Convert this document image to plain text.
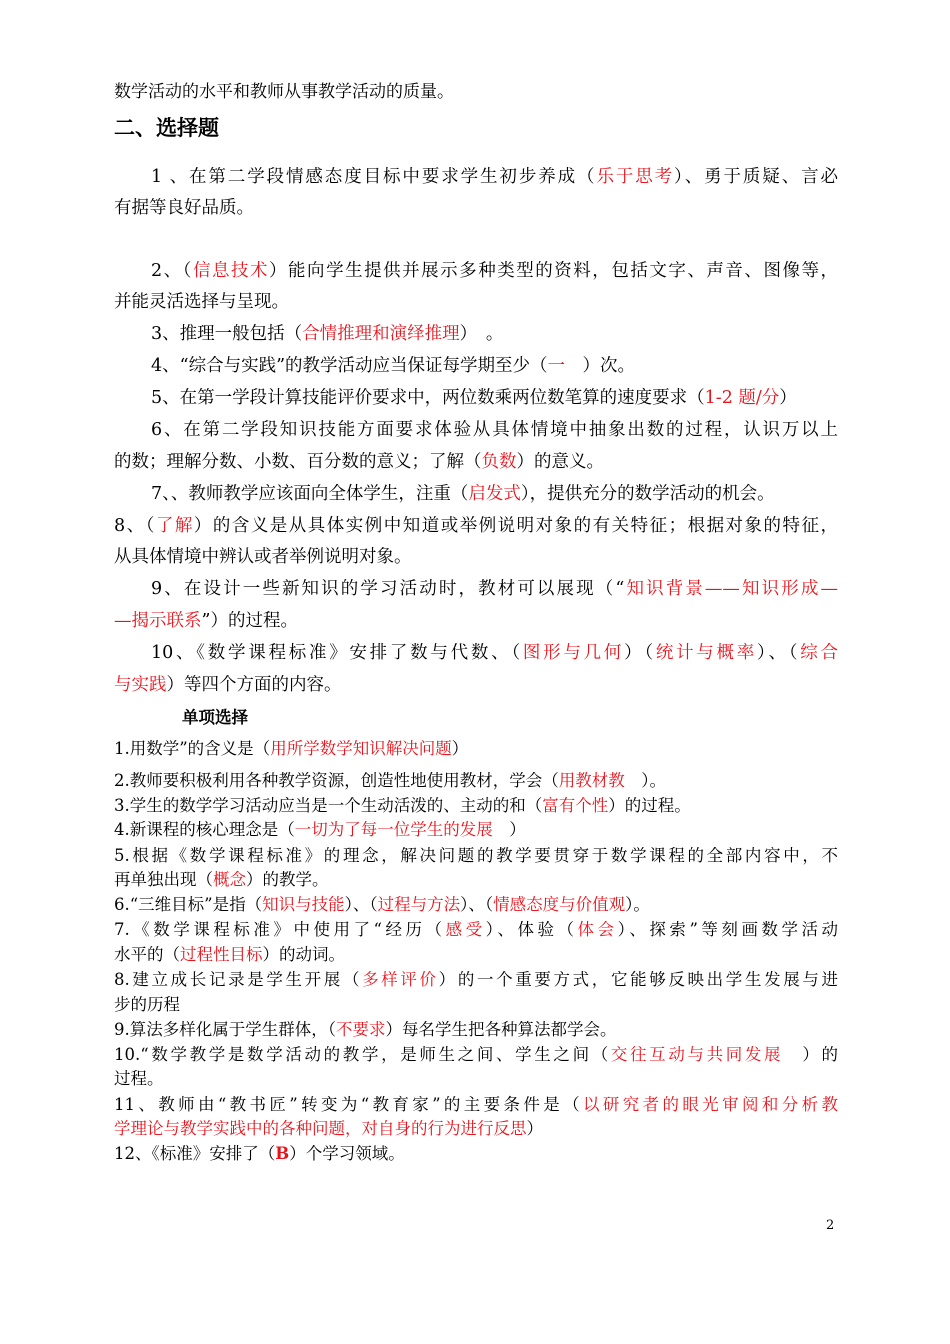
数学活动的水平和教师从事教学活动的质量。
二、选择题
1 、在第二学段情感态度目标中要求学生初步养成（乐于思考）、勇于质疑、言必
有据等良好品质。
2、（信息技术）能向学生提供并展示多种类型的资料，包括文字、声音、图像等，
并能灵活选择与呈现。
3、推理一般包括（合情推理和演绎推理）　。
4、“综合与实践”的教学活动应当保证每学期至少（一　）次。
5、在第一学段计算技能评价要求中，两位数乘两位数笔算的速度要求（1-2 题/分）
6、在第二学段知识技能方面要求体验从具体情境中抽象出数的过程，认识万以上
的数；理解分数、小数、百分数的意义；了解（负数）的意义。
7、、教师教学应该面向全体学生，注重（启发式），提供充分的数学活动的机会。
8、（了解）的含义是从具体实例中知道或举例说明对象的有关特征；根据对象的特征，
从具体情境中辨认或者举例说明对象。
9、在设计一些新知识的学习活动时，教材可以展现（“知识背景——知识形成—
—揭示联系”）的过程。
10、《数学课程标准》安排了数与代数、（图形与几何）（统计与概率）、（综合
与实践）等四个方面的内容。
单项选择
1.用数学”的含义是（用所学数学知识解决问题）
2.教师要积极利用各种教学资源，创造性地使用教材，学会（用教材教　）。
3.学生的数学学习活动应当是一个生动活泼的、主动的和（富有个性）的过程。
4.新课程的核心理念是（一切为了每一位学生的发展　）
5.根据《数学课程标准》的理念，解决问题的教学要贯穿于数学课程的全部内容中，不
再单独出现（概念）的教学。
6.“三维目标”是指（知识与技能）、（过程与方法）、（情感态度与价值观）。
7.《数学课程标准》中使用了“经历（感受）、体验（体会）、探索”等刻画数学活动
水平的（过程性目标）的动词。
8.建立成长记录是学生开展（多样评价）的一个重要方式，它能够反映出学生发展与进
步的历程
9.算法多样化属于学生群体，（不要求）每名学生把各种算法都学会。
10.“数学教学是数学活动的教学，是师生之间、学生之间（交往互动与共同发展　）的
过程。
11、教师由“教书匠”转变为“教育家”的主要条件是（以研究者的眼光审阅和分析教
学理论与教学实践中的各种问题，对自身的行为进行反思）
12、《标准》安排了（B）个学习领域。
2
